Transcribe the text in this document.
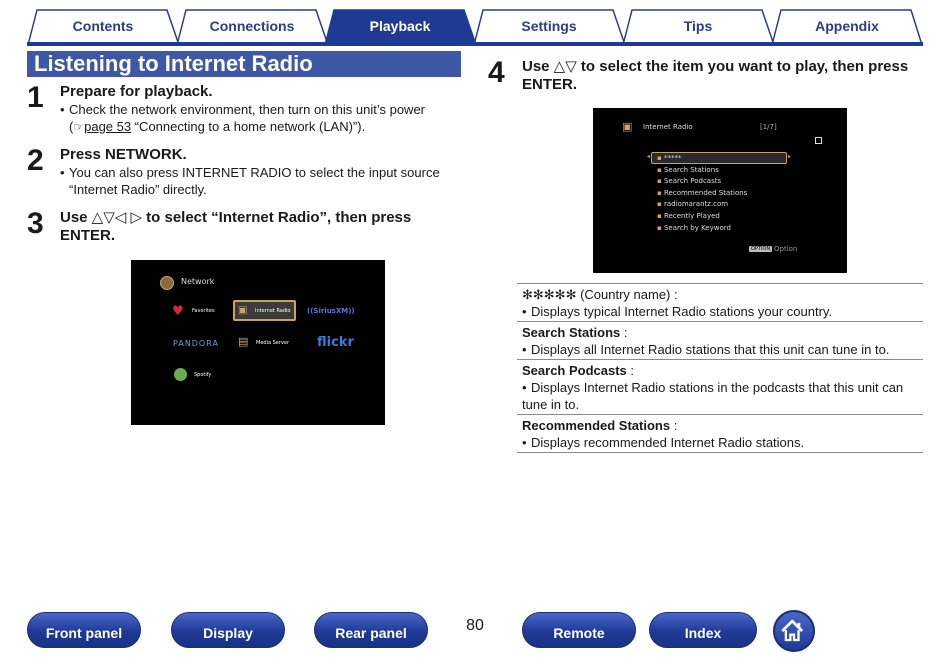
Contents	Connections	Playback	Settings	Tips	Appendix
Listening to Internet Radio
1 Prepare for playback.
• Check the network environment, then turn on this unit’s power
(☞page 53 “Connecting to a home network (LAN)”).
2 Press NETWORK.
• You can also press INTERNET RADIO to select the input source
“Internet Radio” directly.
3 Use △▽◁ ▷ to select “Internet Radio”, then press
ENTER.
Network
♥ Favorites ▣ Internet Radio ((SiriusXM))
PANDORA ▤ Media Server flickr
Spotify
4 Use △▽ to select the item you want to play, then press
ENTER.
▣ Internet Radio	[1/7]
◂	▸
▪ *****
▪ Search Stations
▪ Search Podcasts
▪ Recommended Stations
▪ radiomarantz.com
▪ Recently Played
▪ Search by Keyword
OPTION Option
✻✻✻✻✻ (Country name) :
• Displays typical Internet Radio stations your country.
Search Stations :
• Displays all Internet Radio stations that this unit can tune in to.
Search Podcasts :
• Displays Internet Radio stations in the podcasts that this unit can
tune in to.
Recommended Stations :
• Displays recommended Internet Radio stations.
Front panel	Display	Rear panel	80	Remote	Index
